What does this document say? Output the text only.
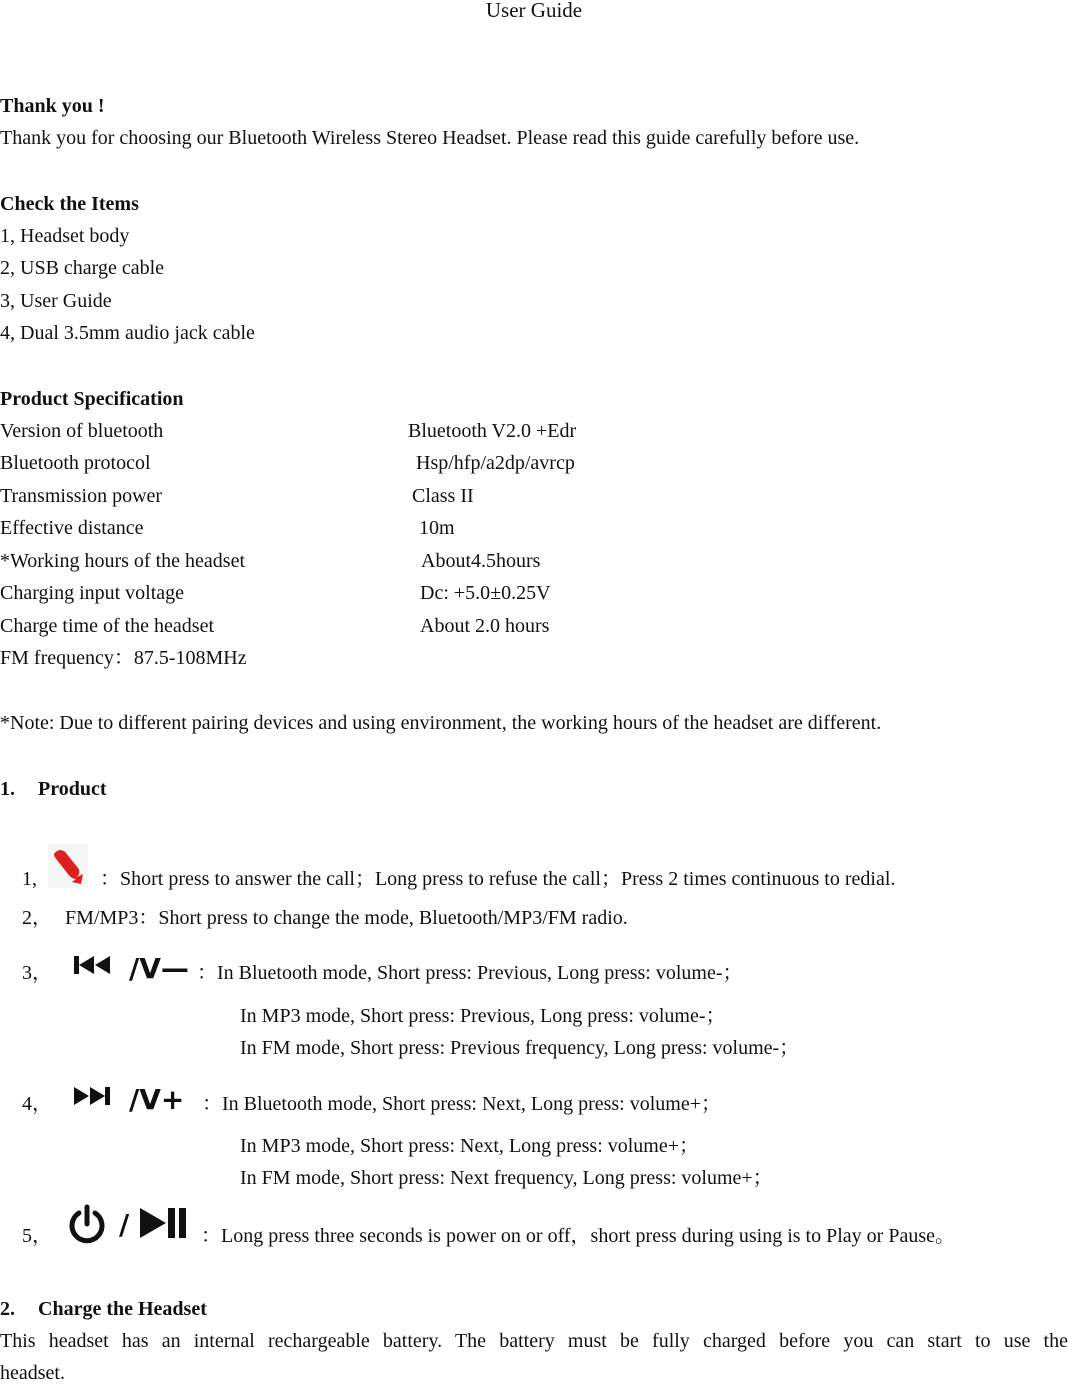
User Guide
Thank you !
Thank you for choosing our Bluetooth Wireless Stereo Headset. Please read this guide carefully before use.
Check the Items
1, Headset body
2, USB charge cable
3, User Guide
4, Dual 3.5mm audio jack cable
Product Specification
Version of bluetooth	Bluetooth V2.0 +Edr
Bluetooth protocol	Hsp/hfp/a2dp/avrcp
Transmission power	Class II
Effective distance	10m
*Working hours of the headset	About4.5hours
Charging input voltage	Dc: +5.0±0.25V
Charge time of the headset	About 2.0 hours
FM frequency：87.5-108MHz
*Note: Due to different pairing devices and using environment, the working hours of the headset are different.
1. Product
1,	：Short press to answer the call；Long press to refuse the call；Press 2 times continuous to redial.
2， FM/MP3：Short press to change the mode, Bluetooth/MP3/FM radio.
3，	/V— ：In Bluetooth mode, Short press: Previous, Long press: volume-；
In MP3 mode, Short press: Previous, Long press: volume-；
In FM mode, Short press: Previous frequency, Long press: volume-；
4，	/V+ ：In Bluetooth mode, Short press: Next, Long press: volume+；
In MP3 mode, Short press: Next, Long press: volume+；
In FM mode, Short press: Next frequency, Long press: volume+；
5， /	：Long press three seconds is power on or off，short press during using is to Play or Pause。
2. Charge the Headset
This headset has an internal rechargeable battery. The battery must be fully charged before you can start to use the
headset.
